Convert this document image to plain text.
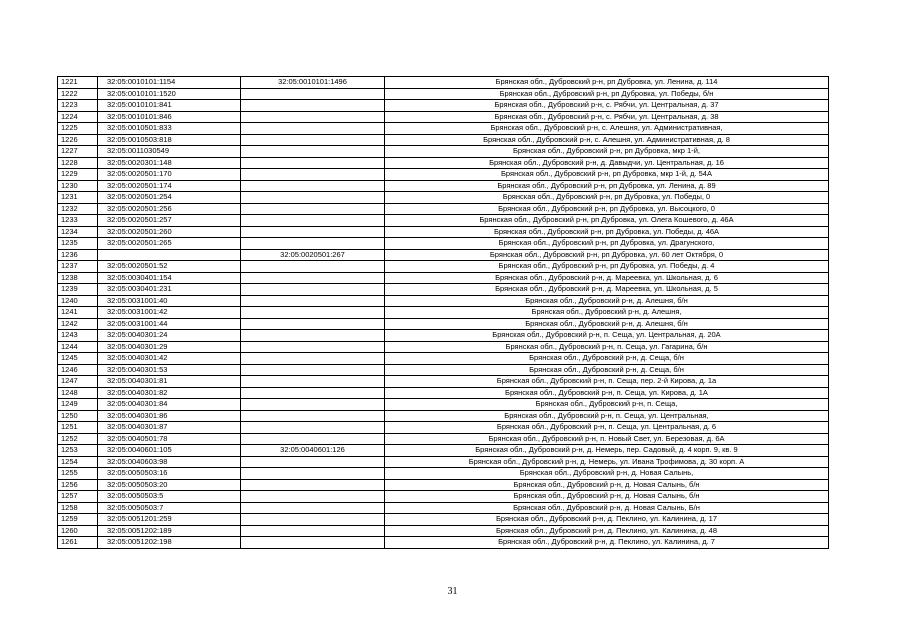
1221	32:05:0010101:1154	32:05:0010101:1496	Брянская обл., Дубровский р-н, рп Дубровка, ул. Ленина, д. 114
1222	32:05:0010101:1520		Брянская обл., Дубровский р-н, рп Дубровка, ул. Победы, б/н
1223	32:05:0010101:841		Брянская обл., Дубровский р-н, с. Рябчи, ул. Центральная, д. 37
1224	32:05:0010101:846		Брянская обл., Дубровский р-н, с. Рябчи, ул. Центральная, д. 38
1225	32:05:0010501:833		Брянская обл., Дубровский р-н, с. Алешня, ул. Административная,
1226	32:05:0010503:818		Брянская обл., Дубровский р-н, с. Алешня, ул. Административная, д. 8
1227	32:05:0011030549		Брянская обл., Дубровский р-н, рп Дубровка, мкр 1-й,
1228	32:05:0020301:148		Брянская обл., Дубровский р-н, д. Давыдчи, ул. Центральная, д. 16
1229	32:05:0020501:170		Брянская обл., Дубровский р-н, рп Дубровка, мкр 1-й, д. 54А
1230	32:05:0020501:174		Брянская обл., Дубровский р-н, рп Дубровка, ул. Ленина, д. 89
1231	32:05:0020501:254		Брянская обл., Дубровский р-н, рп Дубровка, ул. Победы, 0
1232	32:05:0020501:256		Брянская обл., Дубровский р-н, рп Дубровка, ул. Высоцкого, 0
1233	32:05:0020501:257		Брянская обл., Дубровский р-н, рп Дубровка, ул. Олега Кошевого, д. 46А
1234	32:05:0020501:260		Брянская обл., Дубровский р-н, рп Дубровка, ул. Победы, д. 46А
1235	32:05:0020501:265		Брянская обл., Дубровский р-н, рп Дубровка, ул. Драгунского,
1236		32:05:0020501:267	Брянская обл., Дубровский р-н, рп Дубровка, ул. 60 лет Октября, 0
1237	32:05:0020501:52		Брянская обл., Дубровский р-н, рп Дубровка, ул. Победы, д. 4
1238	32:05:0030401:154		Брянская обл., Дубровский р-н, д. Мареевка, ул. Школьная, д. 6
1239	32:05:0030401:231		Брянская обл., Дубровский р-н, д. Мареевка, ул. Школьная, д. 5
1240	32:05:0031001:40		Брянская обл., Дубровский р-н, д. Алешня, б/н
1241	32:05:0031001:42		Брянская обл., Дубровский р-н, д. Алешня,
1242	32:05:0031001:44		Брянская обл., Дубровский р-н, д. Алешня, б/н
1243	32:05:0040301:24		Брянская обл., Дубровский р-н, п. Сеща, ул. Центральная, д. 20А
1244	32:05:0040301:29		Брянская обл., Дубровский р-н, п. Сеща, ул. Гагарина, б/н
1245	32:05:0040301:42		Брянская обл., Дубровский р-н, д. Сеща, б/н
1246	32:05:0040301:53		Брянская обл., Дубровский р-н, д. Сеща, б/н
1247	32:05:0040301:81		Брянская обл., Дубровский р-н, п. Сеща, пер. 2-й Кирова, д. 1а
1248	32:05:0040301:82		Брянская обл., Дубровский р-н, п. Сеща, ул. Кирова, д. 1А
1249	32:05:0040301:84		Брянская обл., Дубровский р-н, п. Сеща,
1250	32:05:0040301:86		Брянская обл., Дубровский р-н, п. Сеща, ул. Центральная,
1251	32:05:0040301:87		Брянская обл., Дубровский р-н, п. Сеща, ул. Центральная, д. 6
1252	32:05:0040501:78		Брянская обл., Дубровский р-н, п. Новый Свет, ул. Березовая, д. 6А
1253	32:05:0040601:105	32:05:0040601:126	Брянская обл., Дубровский р-н, д. Немерь, пер. Садовый, д. 4 корп. 9, кв. 9
1254	32:05:0040603:98		Брянская обл., Дубровский р-н, д. Немерь, ул. Ивана Трофимова, д. 30 корп. А
1255	32:05:0050503:16		Брянская обл., Дубровский р-н, д. Новая Салынь,
1256	32:05:0050503:20		Брянская обл., Дубровский р-н, д. Новая Салынь, б/н
1257	32:05:0050503:5		Брянская обл., Дубровский р-н, д. Новая Салынь, б/н
1258	32:05:0050503:7		Брянская обл., Дубровский р-н, д. Новая Салынь, Б/н
1259	32:05:0051201:259		Брянская обл., Дубровский р-н, д. Пеклино, ул. Калинина, д. 17
1260	32:05:0051202:189		Брянская обл., Дубровский р-н, д. Пеклино, ул. Калинина, д. 48
1261	32:05:0051202:198		Брянская обл., Дубровский р-н, д. Пеклино, ул. Калинина, д. 7
31
